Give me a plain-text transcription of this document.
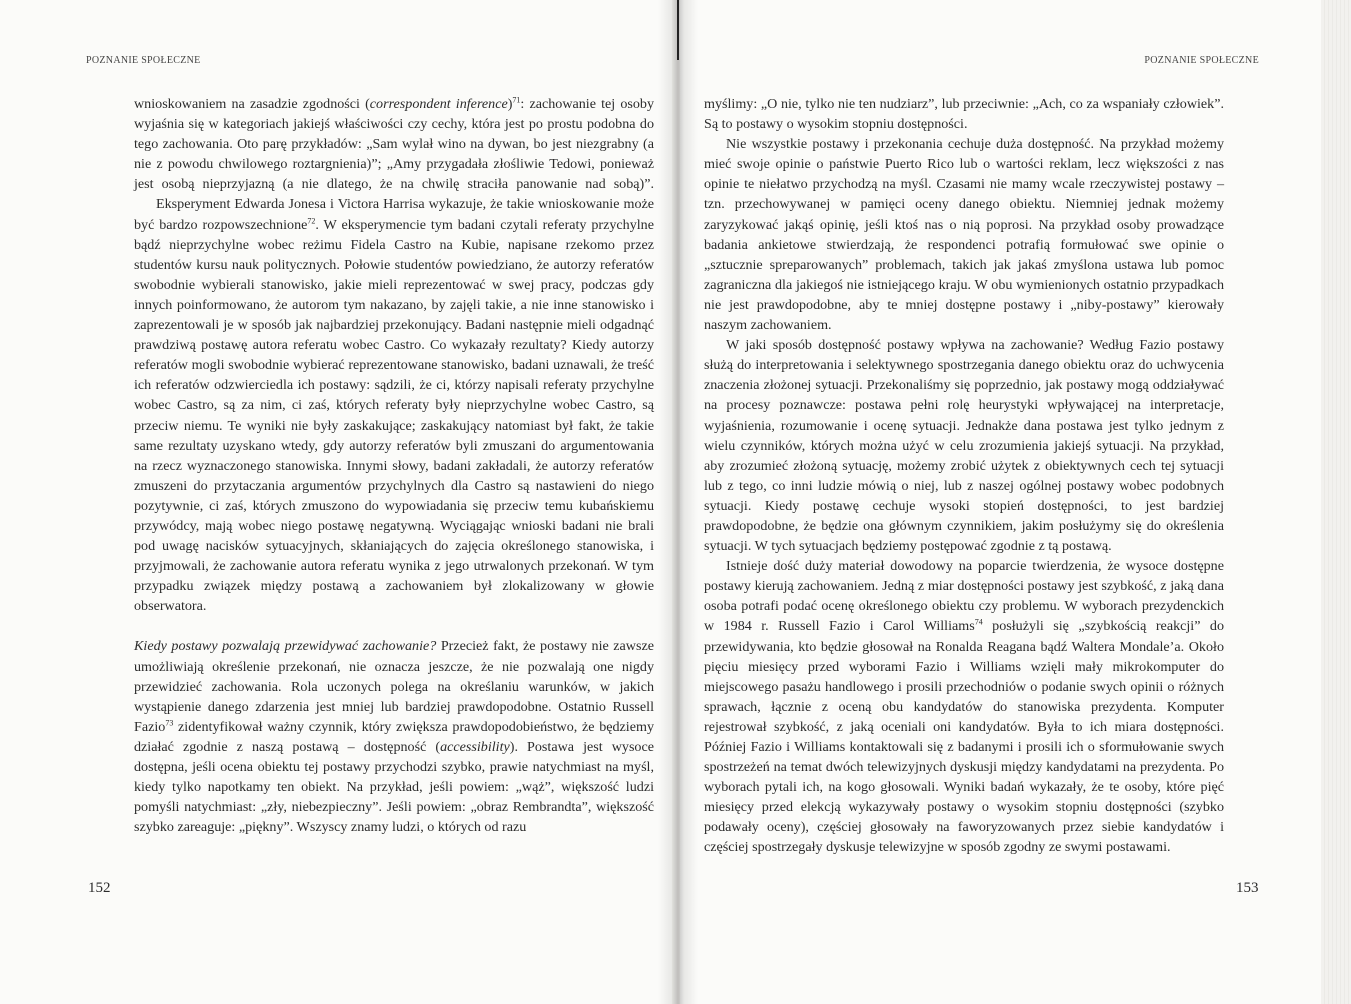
POZNANIE SPOŁECZNE

wnioskowaniem na zasadzie zgodności (correspondent inference)$^{71}$: zachowanie tej osoby wyjaśnia się w kategoriach jakiejś właściwości czy cechy, która jest po prostu podobna do tego zachowania. Oto parę przykładów: „Sam wylał wino na dywan, bo jest niezgrabny (a nie z powodu chwilowego roztargnienia)”; „Amy przygadała złośliwie Tedowi, ponieważ jest osobą nieprzyjazną (a nie dlatego, że na chwilę straciła panowanie nad sobą)”.

Eksperyment Edwarda Jonesa i Victora Harrisa wykazuje, że takie wnioskowanie może być bardzo rozpowszechnione$^{72}$. W eksperymencie tym badani czytali referaty przychylne bądź nieprzychylne wobec reżimu Fidela Castro na Kubie, napisane rzekomo przez studentów kursu nauk politycznych. Połowie studentów powiedziano, że autorzy referatów swobodnie wybierali stanowisko, jakie mieli reprezentować w swej pracy, podczas gdy innych poinformowano, że autorom tym nakazano, by zajęli takie, a nie inne stanowisko i zaprezentowali je w sposób jak najbardziej przekonujący. Badani następnie mieli odgadnąć prawdziwą postawę autora referatu wobec Castro. Co wykazały rezultaty? Kiedy autorzy referatów mogli swobodnie wybierać reprezentowane stanowisko, badani uznawali, że treść ich referatów odzwierciedla ich postawy: sądzili, że ci, którzy napisali referaty przychylne wobec Castro, są za nim, ci zaś, których referaty były nieprzychylne wobec Castro, są przeciw niemu. Te wyniki nie były zaskakujące; zaskakujący natomiast był fakt, że takie same rezultaty uzyskano wtedy, gdy autorzy referatów byli zmuszani do argumentowania na rzecz wyznaczonego stanowiska. Innymi słowy, badani zakładali, że autorzy referatów zmuszeni do przytaczania argumentów przychylnych dla Castro są nastawieni do niego pozytywnie, ci zaś, których zmuszono do wypowiadania się przeciw temu kubańskiemu przywódcy, mają wobec niego postawę negatywną. Wyciągając wnioski badani nie brali pod uwagę nacisków sytuacyjnych, skłaniających do zajęcia określonego stanowiska, i przyjmowali, że zachowanie autora referatu wynika z jego utrwalonych przekonań. W tym przypadku związek między postawą a zachowaniem był zlokalizowany w głowie obserwatora.

Kiedy postawy pozwalają przewidywać zachowanie? Przecież fakt, że postawy nie zawsze umożliwiają określenie przekonań, nie oznacza jeszcze, że nie pozwalają one nigdy przewidzieć zachowania. Rola uczonych polega na określaniu warunków, w jakich wystąpienie danego zdarzenia jest mniej lub bardziej prawdopodobne. Ostatnio Russell Fazio$^{73}$ zidentyfikował ważny czynnik, który zwiększa prawdopodobieństwo, że będziemy działać zgodnie z naszą postawą – dostępność (accessibility). Postawa jest wysoce dostępna, jeśli ocena obiektu tej postawy przychodzi szybko, prawie natychmiast na myśl, kiedy tylko napotkamy ten obiekt. Na przykład, jeśli powiem: „wąż”, większość ludzi pomyśli natychmiast: „zły, niebezpieczny”. Jeśli powiem: „obraz Rembrandta”, większość szybko zareaguje: „piękny”. Wszyscy znamy ludzi, o których od razu

152
POZNANIE SPOŁECZNE

myślimy: „O nie, tylko nie ten nudziarz”, lub przeciwnie: „Ach, co za wspaniały człowiek”. Są to postawy o wysokim stopniu dostępności.

Nie wszystkie postawy i przekonania cechuje duża dostępność. Na przykład możemy mieć swoje opinie o państwie Puerto Rico lub o wartości reklam, lecz większości z nas opinie te niełatwo przychodzą na myśl. Czasami nie mamy wcale rzeczywistej postawy – tzn. przechowywanej w pamięci oceny danego obiektu. Niemniej jednak możemy zaryzykować jakąś opinię, jeśli ktoś nas o nią poprosi. Na przykład osoby prowadzące badania ankietowe stwierdzają, że respondenci potrafią formułować swe opinie o „sztucznie spreparowanych” problemach, takich jak jakaś zmyślona ustawa lub pomoc zagraniczna dla jakiegoś nie istniejącego kraju. W obu wymienionych ostatnio przypadkach nie jest prawdopodobne, aby te mniej dostępne postawy i „niby-postawy” kierowały naszym zachowaniem.

W jaki sposób dostępność postawy wpływa na zachowanie? Według Fazio postawy służą do interpretowania i selektywnego spostrzegania danego obiektu oraz do uchwycenia znaczenia złożonej sytuacji. Przekonaliśmy się poprzednio, jak postawy mogą oddziaływać na procesy poznawcze: postawa pełni rolę heurystyki wpływającej na interpretacje, wyjaśnienia, rozumowanie i ocenę sytuacji. Jednakże dana postawa jest tylko jednym z wielu czynników, których można użyć w celu zrozumienia jakiejś sytuacji. Na przykład, aby zrozumieć złożoną sytuację, możemy zrobić użytek z obiektywnych cech tej sytuacji lub z tego, co inni ludzie mówią o niej, lub z naszej ogólnej postawy wobec podobnych sytuacji. Kiedy postawę cechuje wysoki stopień dostępności, to jest bardziej prawdopodobne, że będzie ona głównym czynnikiem, jakim posłużymy się do określenia sytuacji. W tych sytuacjach będziemy postępować zgodnie z tą postawą.

Istnieje dość duży materiał dowodowy na poparcie twierdzenia, że wysoce dostępne postawy kierują zachowaniem. Jedną z miar dostępności postawy jest szybkość, z jaką dana osoba potrafi podać ocenę określonego obiektu czy problemu. W wyborach prezydenckich w 1984 r. Russell Fazio i Carol Williams$^{74}$ posłużyli się „szybkością reakcji” do przewidywania, kto będzie głosował na Ronalda Reagana bądź Waltera Mondale’a. Około pięciu miesięcy przed wyborami Fazio i Williams wzięli mały mikrokomputer do miejscowego pasażu handlowego i prosili przechodniów o podanie swych opinii o różnych sprawach, łącznie z oceną obu kandydatów do stanowiska prezydenta. Komputer rejestrował szybkość, z jaką oceniali oni kandydatów. Była to ich miara dostępności. Później Fazio i Williams kontaktowali się z badanymi i prosili ich o sformułowanie swych spostrzeżeń na temat dwóch telewizyjnych dyskusji między kandydatami na prezydenta. Po wyborach pytali ich, na kogo głosowali. Wyniki badań wykazały, że te osoby, które pięć miesięcy przed elekcją wykazywały postawy o wysokim stopniu dostępności (szybko podawały oceny), częściej głosowały na faworyzowanych przez siebie kandydatów i częściej spostrzegały dyskusje telewizyjne w sposób zgodny ze swymi postawami.

153
